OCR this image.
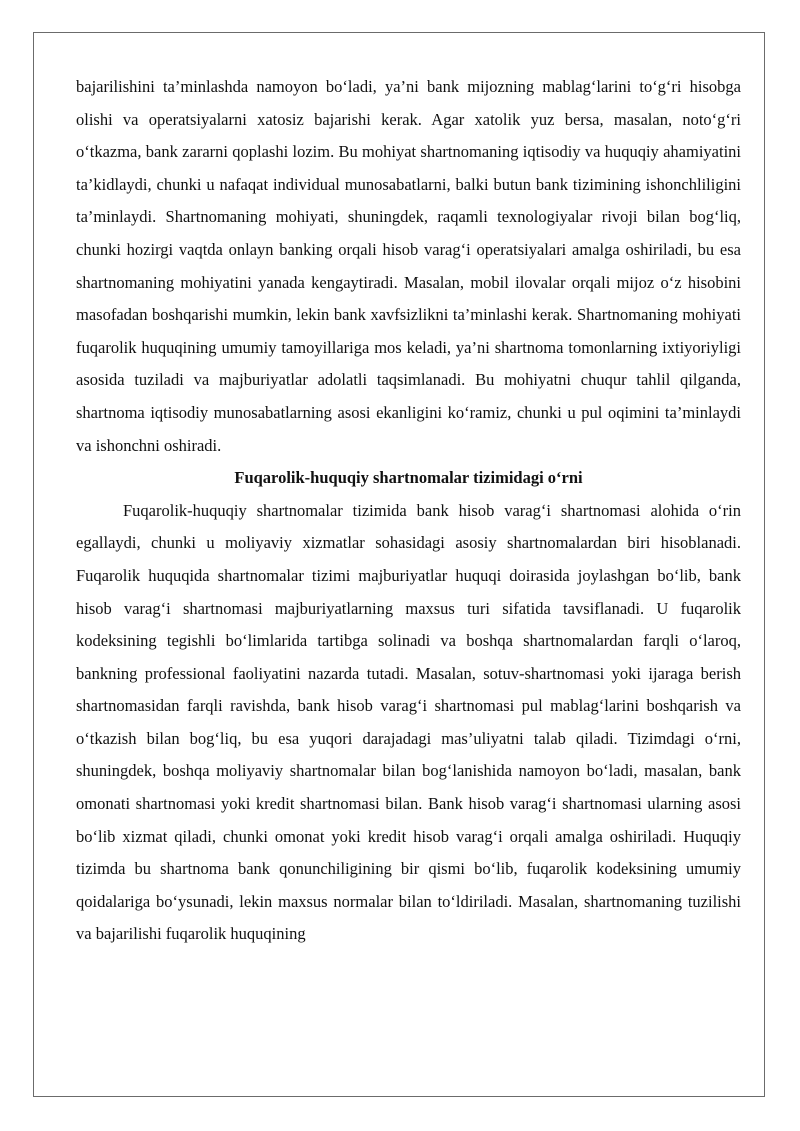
bajarilishini ta’minlashda namoyon bo‘ladi, ya’ni bank mijozning mablag‘larini to‘g‘ri hisobga olishi va operatsiyalarni xatosiz bajarishi kerak. Agar xatolik yuz bersa, masalan, noto‘g‘ri o‘tkazma, bank zararni qoplashi lozim. Bu mohiyat shartnomaning iqtisodiy va huquqiy ahamiyatini ta’kidlaydi, chunki u nafaqat individual munosabatlarni, balki butun bank tizimining ishonchliligini ta’minlaydi. Shartnomaning mohiyati, shuningdek, raqamli texnologiyalar rivoji bilan bog‘liq, chunki hozirgi vaqtda onlayn banking orqali hisob varag‘i operatsiyalari amalga oshiriladi, bu esa shartnomaning mohiyatini yanada kengaytiradi. Masalan, mobil ilovalar orqali mijoz o‘z hisobini masofadan boshqarishi mumkin, lekin bank xavfsizlikni ta’minlashi kerak. Shartnomaning mohiyati fuqarolik huquqining umumiy tamoyillariga mos keladi, ya’ni shartnoma tomonlarning ixtiyoriyligi asosida tuziladi va majburiyatlar adolatli taqsimlanadi. Bu mohiyatni chuqur tahlil qilganda, shartnoma iqtisodiy munosabatlarning asosi ekanligini ko‘ramiz, chunki u pul oqimini ta’minlaydi va ishonchni oshiradi.

Fuqarolik-huquqiy shartnomalar tizimidagi o‘rni

Fuqarolik-huquqiy shartnomalar tizimida bank hisob varag‘i shartnomasi alohida o‘rin egallaydi, chunki u moliyaviy xizmatlar sohasidagi asosiy shartnomalardan biri hisoblanadi. Fuqarolik huquqida shartnomalar tizimi majburiyatlar huquqi doirasida joylashgan bo‘lib, bank hisob varag‘i shartnomasi majburiyatlarning maxsus turi sifatida tavsiflanadi. U fuqarolik kodeksining tegishli bo‘limlarida tartibga solinadi va boshqa shartnomalardan farqli o‘laroq, bankning professional faoliyatini nazarda tutadi. Masalan, sotuv-shartnomasi yoki ijaraga berish shartnomasidan farqli ravishda, bank hisob varag‘i shartnomasi pul mablag‘larini boshqarish va o‘tkazish bilan bog‘liq, bu esa yuqori darajadagi mas’uliyatni talab qiladi. Tizimdagi o‘rni, shuningdek, boshqa moliyaviy shartnomalar bilan bog‘lanishida namoyon bo‘ladi, masalan, bank omonati shartnomasi yoki kredit shartnomasi bilan. Bank hisob varag‘i shartnomasi ularning asosi bo‘lib xizmat qiladi, chunki omonat yoki kredit hisob varag‘i orqali amalga oshiriladi. Huquqiy tizimda bu shartnoma bank qonunchiligining bir qismi bo‘lib, fuqarolik kodeksining umumiy qoidalariga bo‘ysunadi, lekin maxsus normalar bilan to‘ldiriladi. Masalan, shartnomaning tuzilishi va bajarilishi fuqarolik huquqining
